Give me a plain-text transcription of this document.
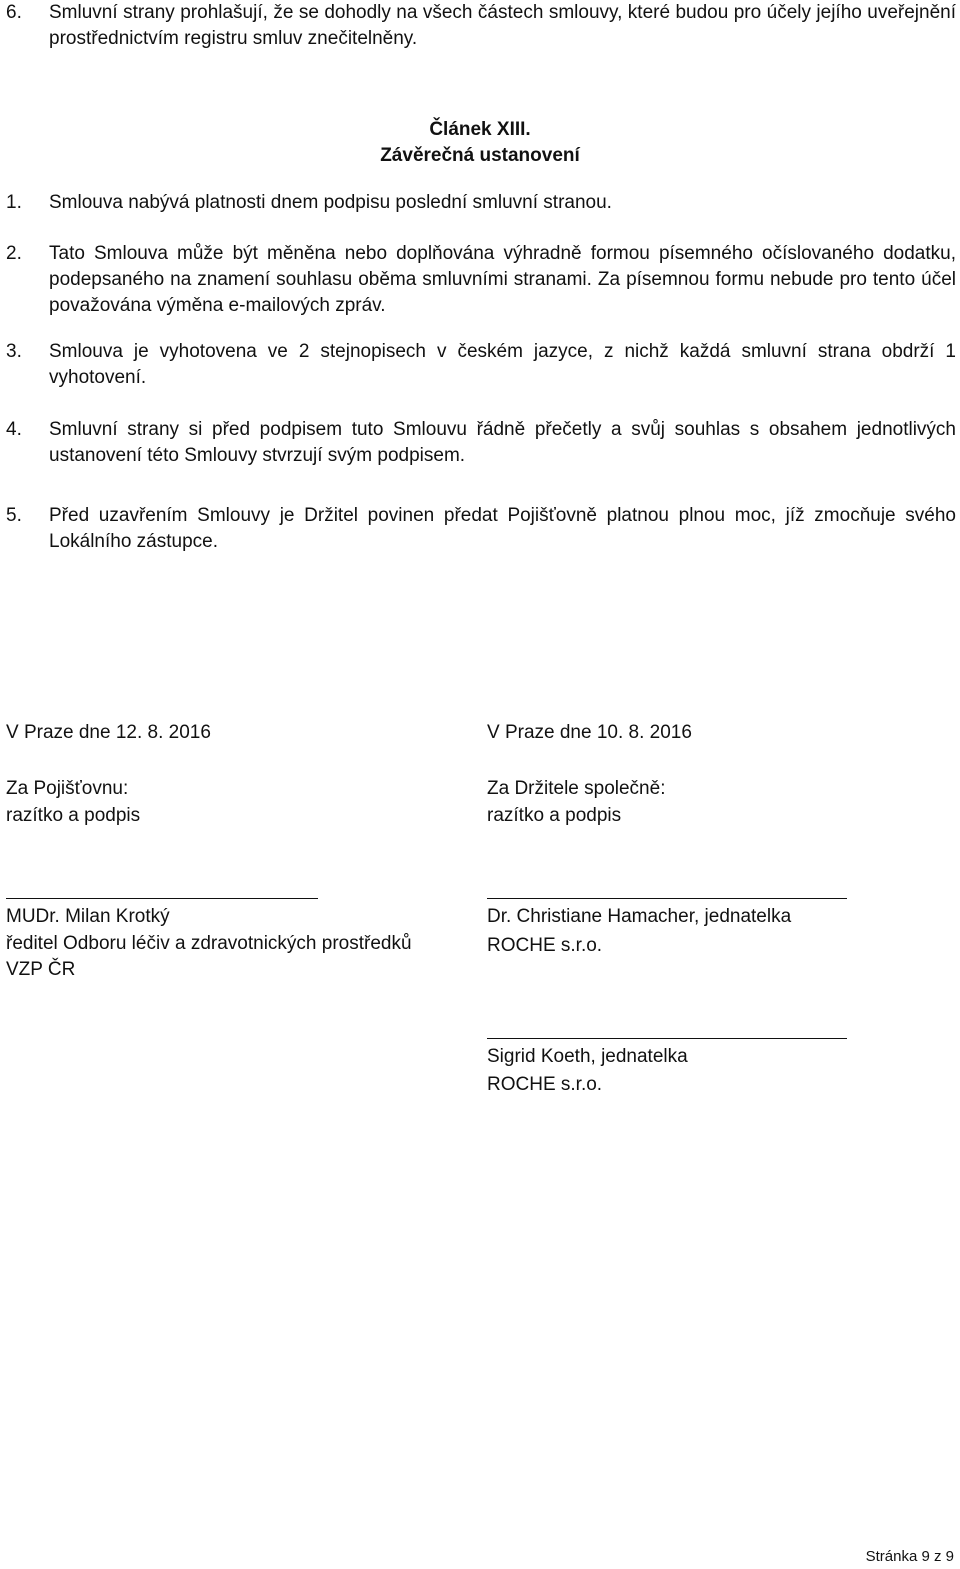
6. Smluvní strany prohlašují, že se dohodly na všech částech smlouvy, které budou pro účely jejího uveřejnění prostřednictvím registru smluv znečitelněny.
Článek XIII.
Závěrečná ustanovení
1. Smlouva nabývá platnosti dnem podpisu poslední smluvní stranou.
2. Tato Smlouva může být měněna nebo doplňována výhradně formou písemného očíslovaného dodatku, podepsaného na znamení souhlasu oběma smluvními stranami. Za písemnou formu nebude pro tento účel považována výměna e-mailových zpráv.
3. Smlouva je vyhotovena ve 2 stejnopisech v českém jazyce, z nichž každá smluvní strana obdrží 1 vyhotovení.
4. Smluvní strany si před podpisem tuto Smlouvu řádně přečetly a svůj souhlas s obsahem jednotlivých ustanovení této Smlouvy stvrzují svým podpisem.
5. Před uzavřením Smlouvy je Držitel povinen předat Pojišťovně platnou plnou moc, jíž zmocňuje svého Lokálního zástupce.
V Praze dne 12. 8. 2016
Za Pojišťovnu:
razítko a podpis
MUDr. Milan Krotký
ředitel Odboru léčiv a zdravotnických prostředků
VZP ČR
V Praze dne 10. 8. 2016
Za Držitele společně:
razítko a podpis
Dr. Christiane Hamacher, jednatelka
ROCHE s.r.o.
Sigrid Koeth, jednatelka
ROCHE s.r.o.
Stránka 9 z 9
